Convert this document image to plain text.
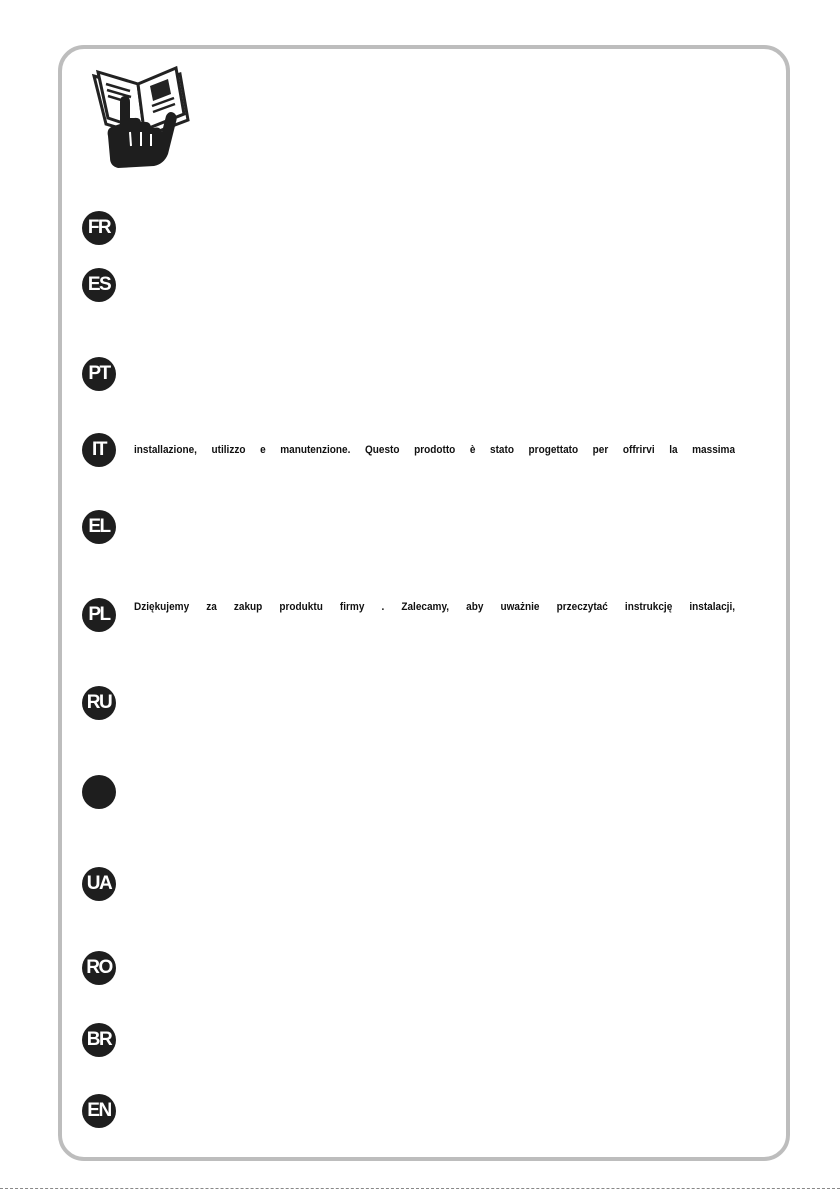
FR
ES
PT
IT	installazione, utilizzo e manutenzione. Questo prodotto è stato progettato per offrirvi la massima
EL
PL	Dziękujemy za zakup produktu firmy . Zalecamy, aby uważnie przeczytać instrukcję instalacji,
RU
UA
RO
BR
EN
